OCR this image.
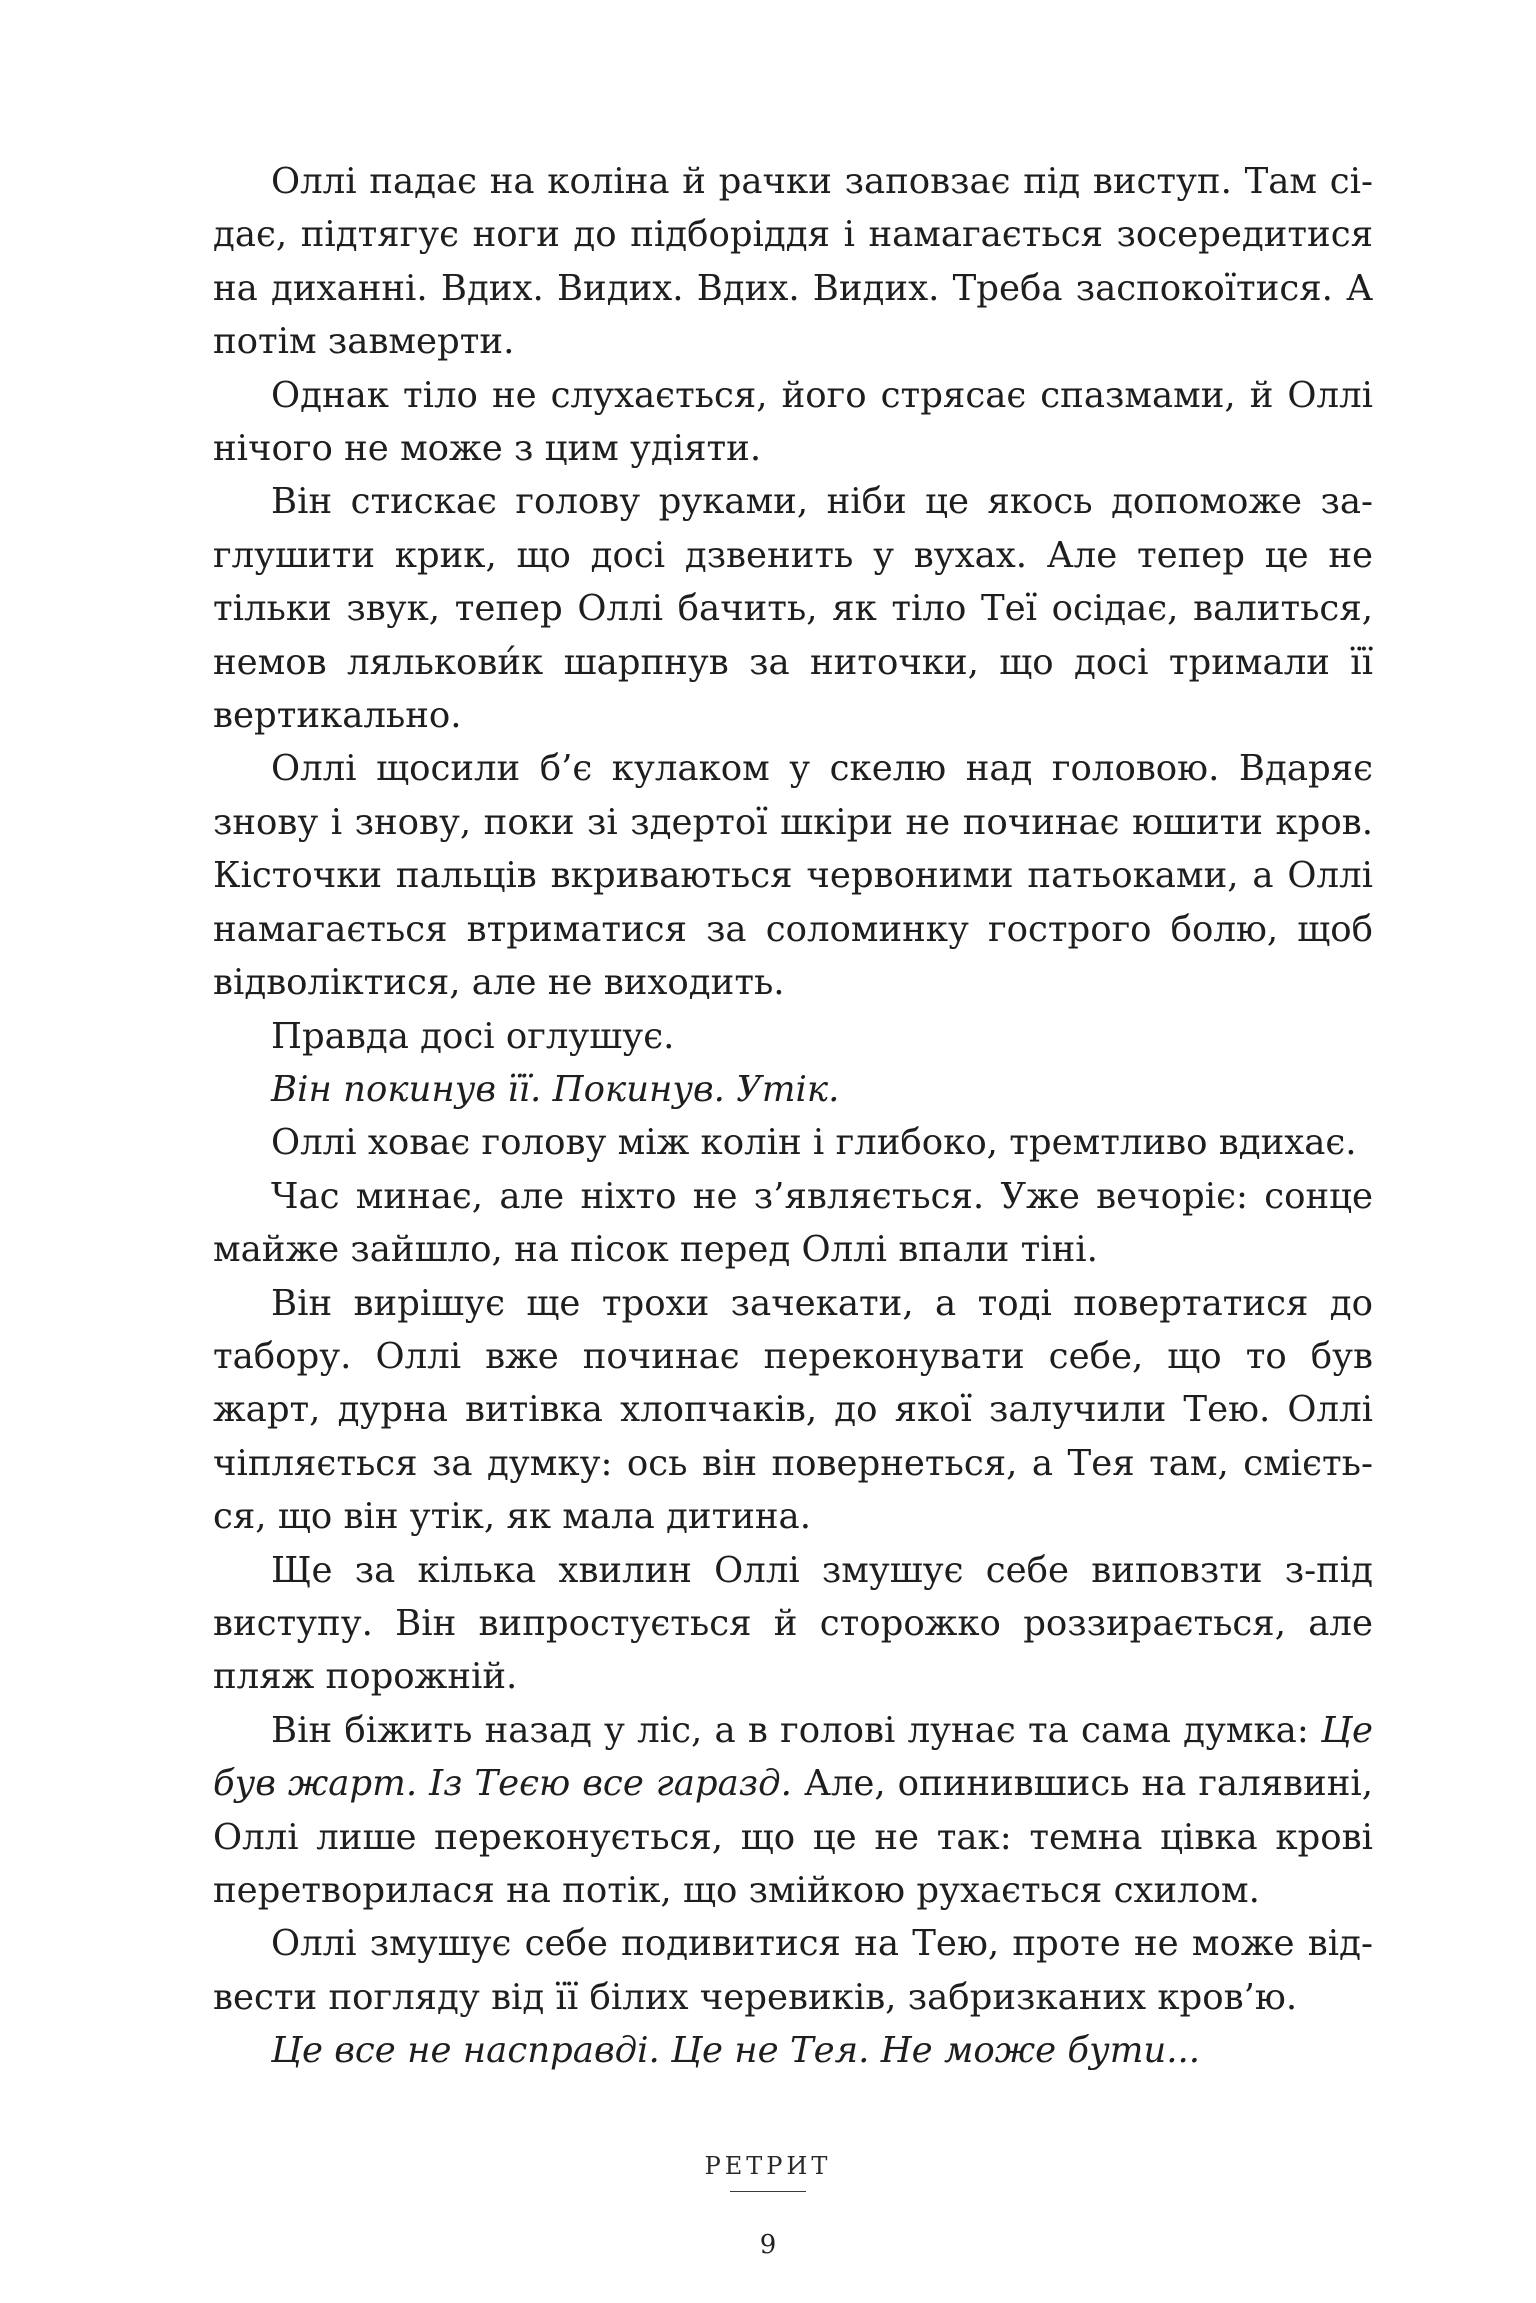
Оллі падає на коліна й рачки заповзає під виступ. Там сідає, підтягує ноги до підборіддя і намагається зосередитися на диханні. Вдих. Видих. Вдих. Видих. Треба заспокоїтися. А потім завмерти.

Однак тіло не слухається, його стрясає спазмами, й Оллі нічого не може з цим удіяти.

Він стискає голову руками, ніби це якось допоможе заглушити крик, що досі дзвенить у вухах. Але тепер це не тільки звук, тепер Оллі бачить, як тіло Теї осідає, валиться, немов лялькови́к шарпнув за ниточки, що досі тримали її вертикально.

Оллі щосили б’є кулаком у скелю над головою. Вдаряє знову і знову, поки зі здертої шкіри не починає юшити кров. Кісточки пальців вкриваються червоними патьоками, а Оллі намагається втриматися за соломинку гострого болю, щоб відволіктися, але не виходить.

Правда досі оглушує.

Він покинув її. Покинув. Утік.

Оллі ховає голову між колін і глибоко, тремтливо вдихає.

Час минає, але ніхто не з’являється. Уже вечоріє: сонце майже зайшло, на пісок перед Оллі впали тіні.

Він вирішує ще трохи зачекати, а тоді повертатися до табору. Оллі вже починає переконувати себе, що то був жарт, дурна витівка хлопчаків, до якої залучили Тею. Оллі чіпляється за думку: ось він повернеться, а Тея там, сміється, що він утік, як мала дитина.

Ще за кілька хвилин Оллі змушує себе виповзти з-під виступу. Він випростується й сторожко роззирається, але пляж порожній.

Він біжить назад у ліс, а в голові лунає та сама думка: Це був жарт. Із Теєю все гаразд. Але, опинившись на галявині, Оллі лише переконується, що це не так: темна цівка крові перетворилася на потік, що змійкою рухається схилом.

Оллі змушує себе подивитися на Тею, проте не може відвести погляду від її білих черевиків, забризканих кров’ю.

Це все не насправді. Це не Тея. Не може бути...

РЕТРИТ
9
